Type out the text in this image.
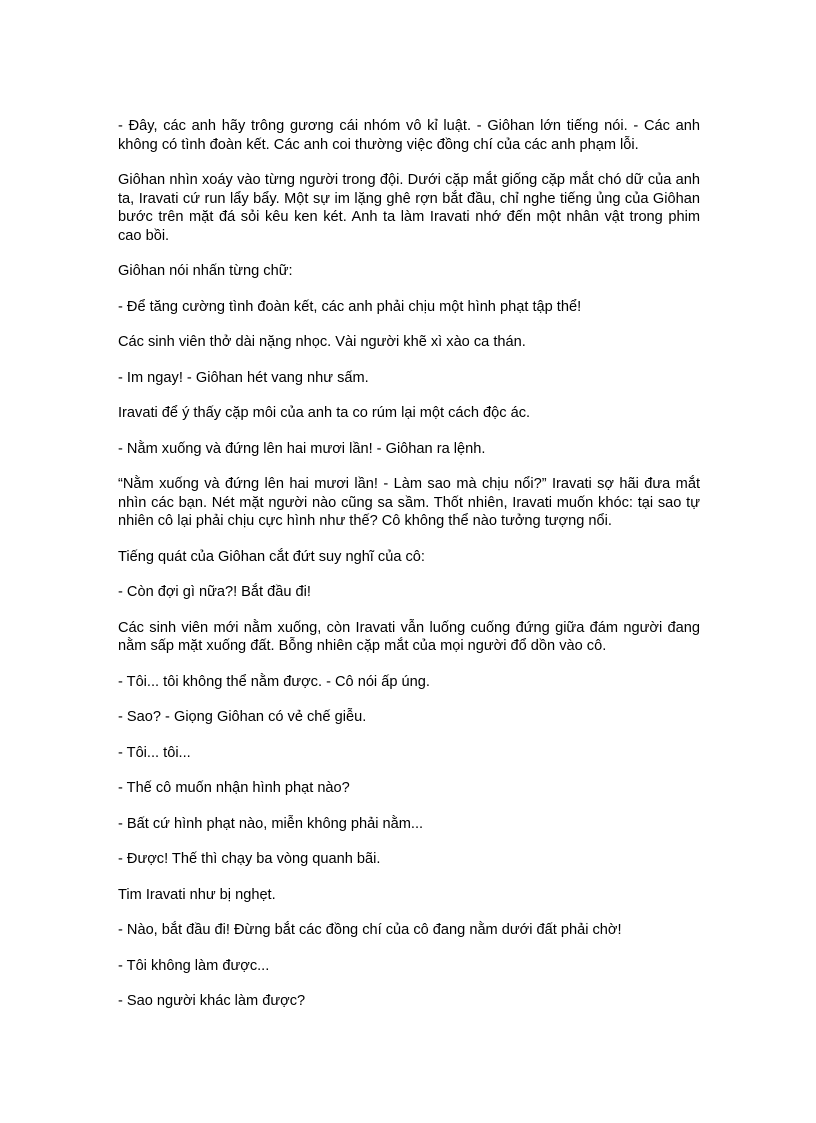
- Đây, các anh hãy trông gương cái nhóm vô kỉ luật. - Giôhan lớn tiếng nói. - Các anh không có tình đoàn kết. Các anh coi thường việc đồng chí của các anh phạm lỗi.

Giôhan nhìn xoáy vào từng người trong đội. Dưới cặp mắt giống cặp mắt chó dữ của anh ta, Iravati cứ run lẩy bẩy. Một sự im lặng ghê rợn bắt đầu, chỉ nghe tiếng ủng của Giôhan bước trên mặt đá sỏi kêu ken két. Anh ta làm Iravati nhớ đến một nhân vật trong phim cao bồi.

Giôhan nói nhấn từng chữ:

- Để tăng cường tình đoàn kết, các anh phải chịu một hình phạt tập thể!

Các sinh viên thở dài nặng nhọc. Vài người khẽ xì xào ca thán.

- Im ngay! - Giôhan hét vang như sấm.

Iravati để ý thấy cặp môi của anh ta co rúm lại một cách độc ác.

- Nằm xuống và đứng lên hai mươi lần! - Giôhan ra lệnh.

“Nằm xuống và đứng lên hai mươi lần! - Làm sao mà chịu nổi?” Iravati sợ hãi đưa mắt nhìn các bạn. Nét mặt người nào cũng sa sầm. Thốt nhiên, Iravati muốn khóc: tại sao tự nhiên cô lại phải chịu cực hình như thế? Cô không thể nào tưởng tượng nổi.

Tiếng quát của Giôhan cắt đứt suy nghĩ của cô:

- Còn đợi gì nữa?! Bắt đầu đi!

Các sinh viên mới nằm xuống, còn Iravati vẫn luống cuống đứng giữa đám người đang nằm sấp mặt xuống đất. Bỗng nhiên cặp mắt của mọi người đổ dồn vào cô.

- Tôi... tôi không thể nằm được. - Cô nói ấp úng.

- Sao? - Giọng Giôhan có vẻ chế giễu.

- Tôi... tôi...

- Thế cô muốn nhận hình phạt nào?

- Bất cứ hình phạt nào, miễn không phải nằm...

- Được! Thế thì chạy ba vòng quanh bãi.

Tim Iravati như bị nghẹt.

- Nào, bắt đầu đi! Đừng bắt các đồng chí của cô đang nằm dưới đất phải chờ!

- Tôi không làm được...

- Sao người khác làm được?
